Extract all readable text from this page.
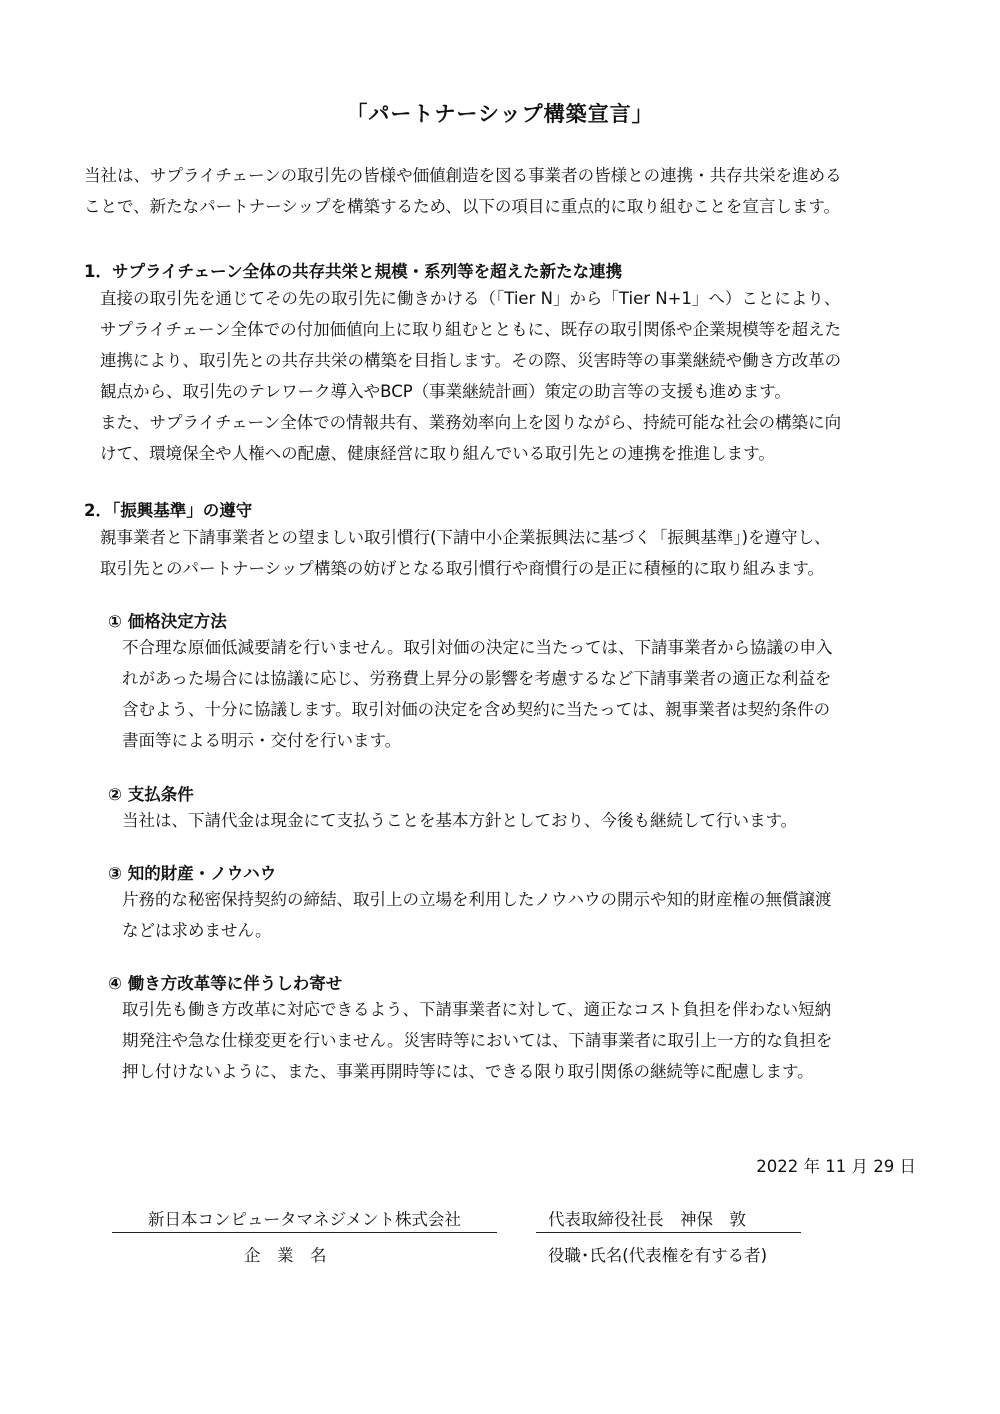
「パートナーシップ構築宣言」
当社は、サプライチェーンの取引先の皆様や価値創造を図る事業者の皆様との連携・共存共栄を進める
ことで、新たなパートナーシップを構築するため、以下の項目に重点的に取り組むことを宣言します。
1．サプライチェーン全体の共存共栄と規模・系列等を超えた新たな連携
直接の取引先を通じてその先の取引先に働きかける（「Tier N」から「Tier N+1」へ）ことにより、
サプライチェーン全体での付加価値向上に取り組むとともに、既存の取引関係や企業規模等を超えた
連携により、取引先との共存共栄の構築を目指します。その際、災害時等の事業継続や働き方改革の
観点から、取引先のテレワーク導入やBCP（事業継続計画）策定の助言等の支援も進めます。
また、サプライチェーン全体での情報共有、業務効率向上を図りながら、持続可能な社会の構築に向
けて、環境保全や人権への配慮、健康経営に取り組んでいる取引先との連携を推進します。
2．「振興基準」の遵守
親事業者と下請事業者との望ましい取引慣行(下請中小企業振興法に基づく「振興基準」)を遵守し、
取引先とのパートナーシップ構築の妨げとなる取引慣行や商慣行の是正に積極的に取り組みます。
① 価格決定方法
不合理な原価低減要請を行いません。取引対価の決定に当たっては、下請事業者から協議の申入
れがあった場合には協議に応じ、労務費上昇分の影響を考慮するなど下請事業者の適正な利益を
含むよう、十分に協議します。取引対価の決定を含め契約に当たっては、親事業者は契約条件の
書面等による明示・交付を行います。
② 支払条件
当社は、下請代金は現金にて支払うことを基本方針としており、今後も継続して行います。
③ 知的財産・ノウハウ
片務的な秘密保持契約の締結、取引上の立場を利用したノウハウの開示や知的財産権の無償譲渡
などは求めません。
④ 働き方改革等に伴うしわ寄せ
取引先も働き方改革に対応できるよう、下請事業者に対して、適正なコスト負担を伴わない短納
期発注や急な仕様変更を行いません。災害時等においては、下請事業者に取引上一方的な負担を
押し付けないように、また、事業再開時等には、できる限り取引関係の継続等に配慮します。
2022 年 11 月 29 日
新日本コンピュータマネジメント株式会社	代表取締役社長　神保　敦
企　業　名	役職･氏名(代表権を有する者)
